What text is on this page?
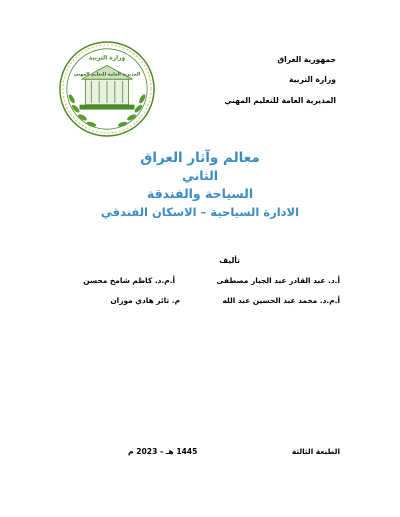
وزارة التربية
المديرية العامة للتعليم المهني
جمهورية العراق
وزارة التربية
المديرية العامة للتعليم المهني
معالم وآثار العراق
الثاني
السياحة والفندقة
الادارة السياحية – الاسكان الفندقي
تأليف
أ.د. عبد القادر عبد الجبار مصطفى
أ.م.د. كاظم شامخ محسن
أ.م.د. محمد عبد الحسين عبد الله
م. ثائر هادي موزان
الطبعة الثالثة
1445 هـ - 2023 م
